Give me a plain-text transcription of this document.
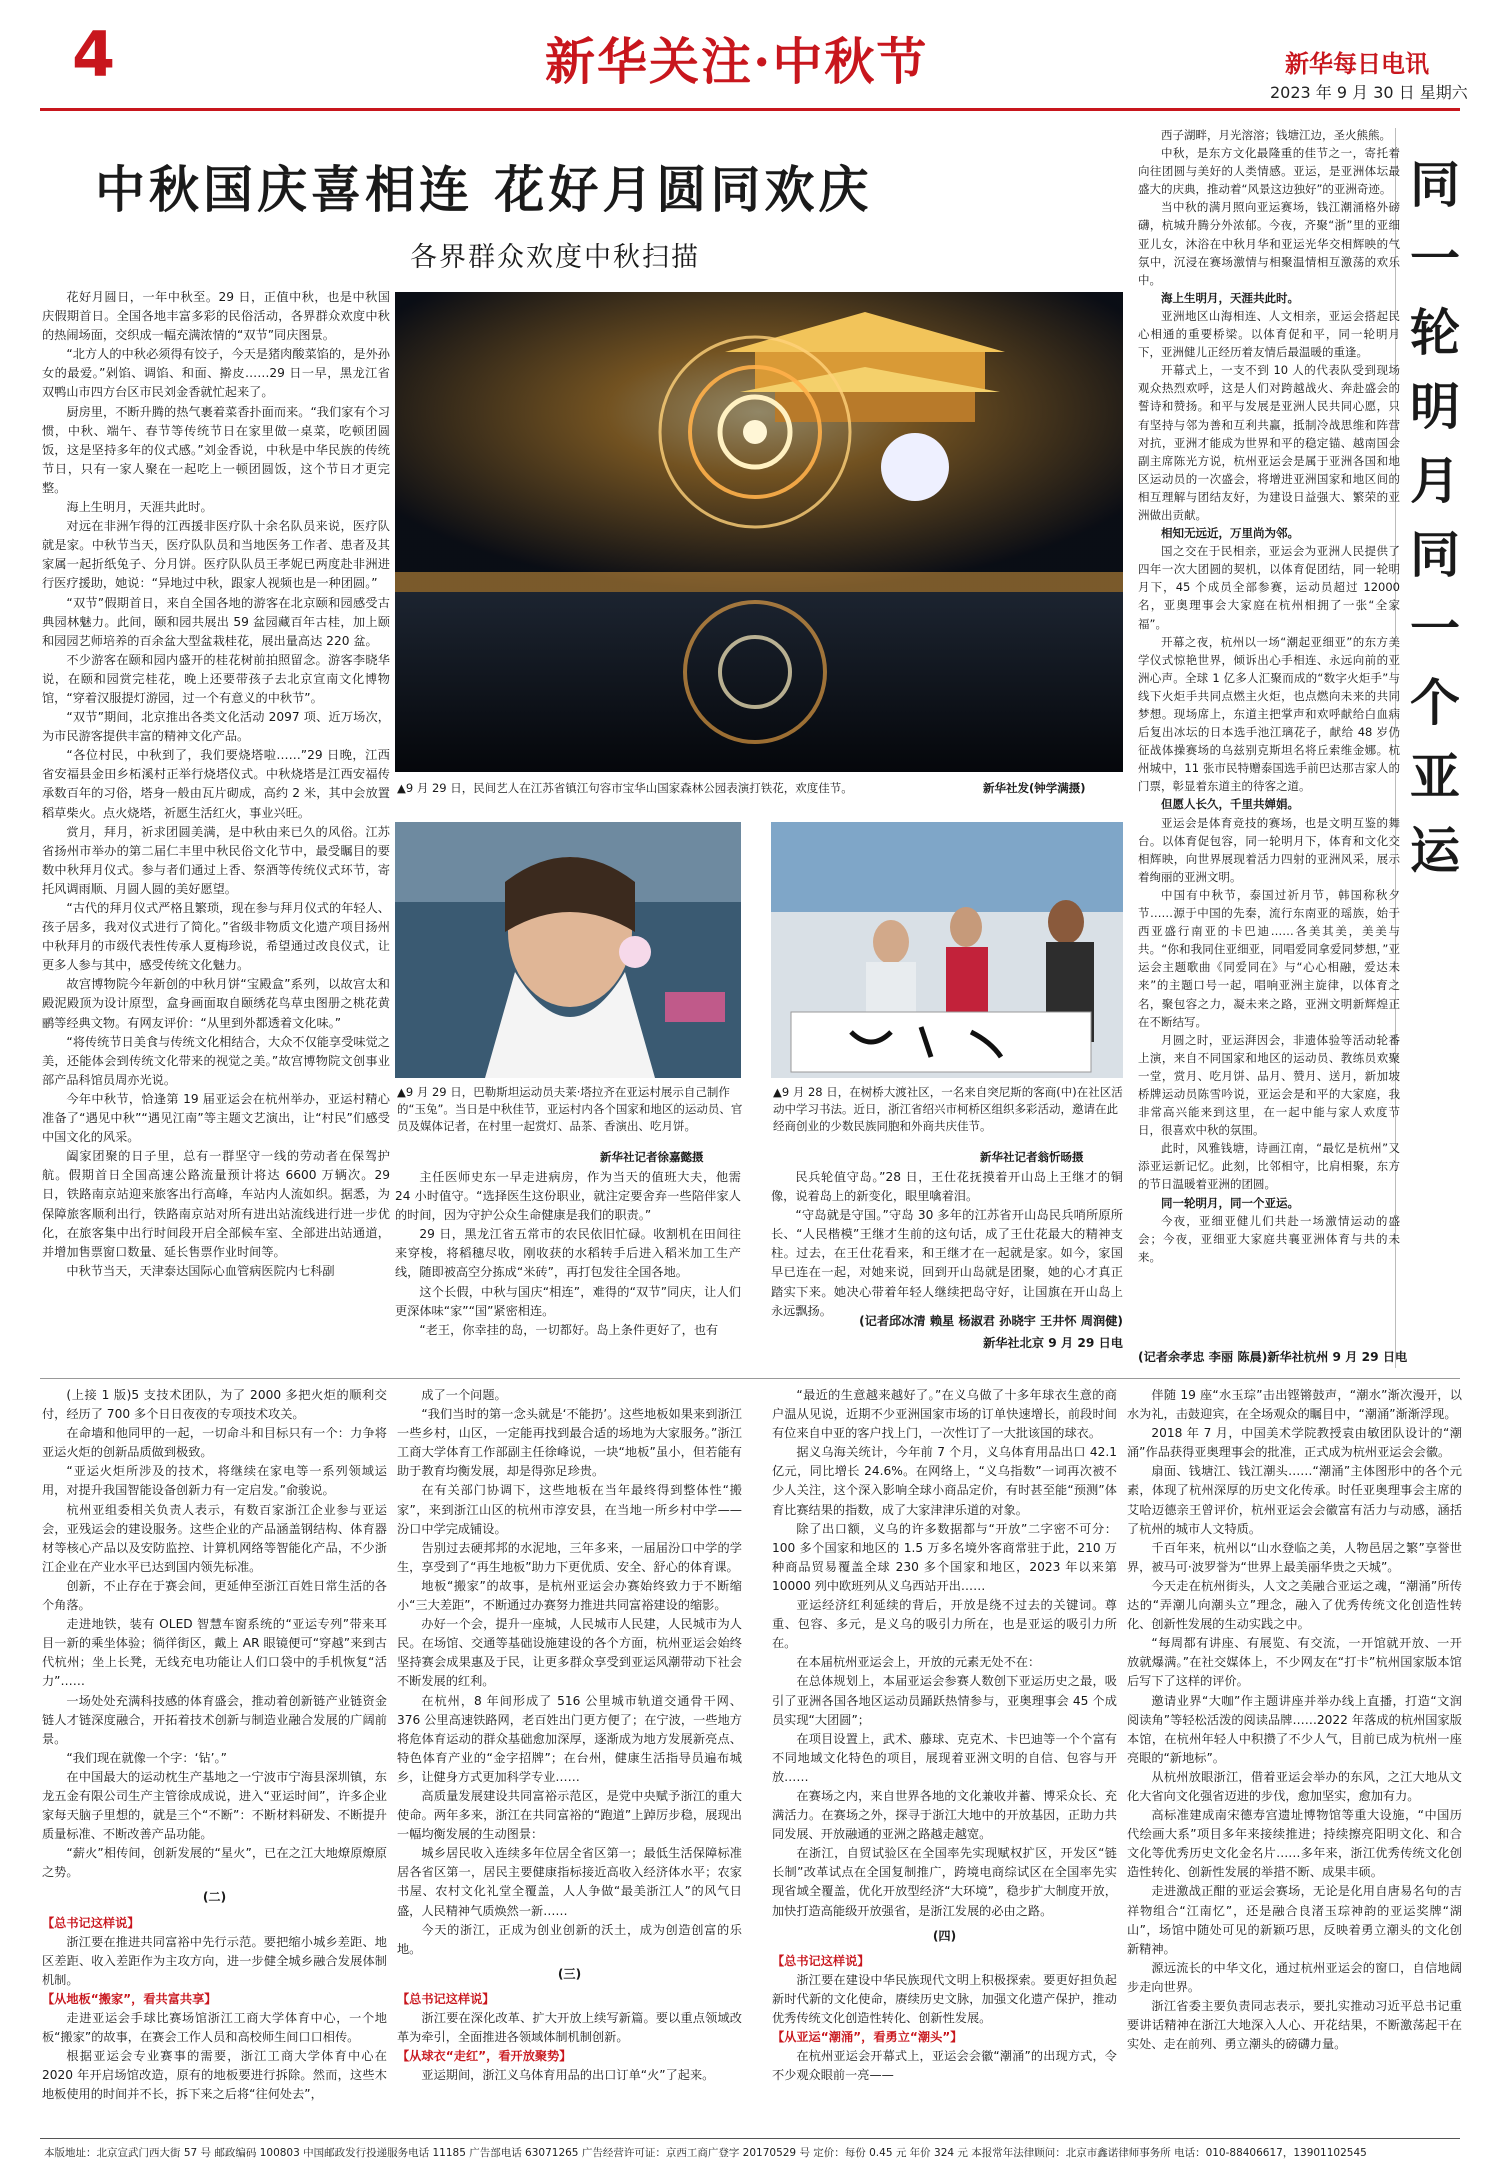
4	新华关注·中秋节	新华每日电讯
2023 年 9 月 30 日 星期六
中秋国庆喜相连 花好月圆同欢庆
各界群众欢度中秋扫描

花好月圆日，一年中秋至。29 日，正值中秋，也是中秋国庆假期首日。全国各地丰富多彩的民俗活动，各界群众欢度中秋的热闹场面，交织成一幅充满浓情的“双节”同庆图景。

“北方人的中秋必须得有饺子，今天是猪肉酸菜馅的，是外孙女的最爱。”剁馅、调馅、和面、擀皮……29 日一早，黑龙江省双鸭山市四方台区市民刘金香就忙起来了。

厨房里，不断升腾的热气裹着菜香扑面而来。“我们家有个习惯，中秋、端午、春节等传统节日在家里做一桌菜，吃顿团圆饭，这是坚持多年的仪式感。”刘金香说，中秋是中华民族的传统节日，只有一家人聚在一起吃上一顿团圆饭，这个节日才更完整。

海上生明月，天涯共此时。

对远在非洲乍得的江西援非医疗队十余名队员来说，医疗队就是家。中秋节当天，医疗队队员和当地医务工作者、患者及其家属一起折纸兔子、分月饼。医疗队队员王孝妮已两度赴非洲进行医疗援助，她说：“异地过中秋，跟家人视频也是一种团圆。”

“双节”假期首日，来自全国各地的游客在北京颐和园感受古典园林魅力。此间，颐和园共展出 59 盆园藏百年古桂，加上颐和园园艺师培养的百余盆大型盆栽桂花，展出量高达 220 盆。

不少游客在颐和园内盛开的桂花树前拍照留念。游客李晓华说，在颐和园赏完桂花，晚上还要带孩子去北京宣南文化博物馆，“穿着汉服提灯游园，过一个有意义的中秋节”。

“双节”期间，北京推出各类文化活动 2097 项、近万场次，为市民游客提供丰富的精神文化产品。

“各位村民，中秋到了，我们要烧塔啦……”29 日晚，江西省安福县金田乡柘溪村正举行烧塔仪式。中秋烧塔是江西安福传承数百年的习俗，塔身一般由瓦片砌成，高约 2 米，其中会放置稻草柴火。点火烧塔，祈愿生活红火，事业兴旺。

赏月，拜月，祈求团圆美满，是中秋由来已久的风俗。江苏省扬州市举办的第二届仁丰里中秋民俗文化节中，最受瞩目的要数中秋拜月仪式。参与者们通过上香、祭酒等传统仪式环节，寄托风调雨顺、月圆人圆的美好愿望。

“古代的拜月仪式严格且繁琐，现在参与拜月仪式的年轻人、孩子居多，我对仪式进行了简化。”省级非物质文化遗产项目扬州中秋拜月的市级代表性传承人夏梅珍说，希望通过改良仪式，让更多人参与其中，感受传统文化魅力。

故宫博物院今年新创的中秋月饼“宝殿盒”系列，以故宫太和殿泥殿顶为设计原型，盒身画面取自颐绣花鸟草虫图册之桃花黄鹂等经典文物。有网友评价：“从里到外都透着文化味。”

“将传统节日美食与传统文化相结合，大众不仅能享受味觉之美，还能体会到传统文化带来的视觉之美。”故宫博物院文创事业部产品科馆员周亦光说。

今年中秋节，恰逢第 19 届亚运会在杭州举办，亚运村精心准备了“遇见中秋”“遇见江南”等主题文艺演出，让“村民”们感受中国文化的风采。

阖家团聚的日子里，总有一群坚守一线的劳动者在保驾护航。假期首日全国高速公路流量预计将达 6600 万辆次。29 日，铁路南京站迎来旅客出行高峰，车站内人流如织。据悉，为保障旅客顺利出行，铁路南京站对所有进出站流线进行进一步优化，在旅客集中出行时间段开启全部候车室、全部进出站通道，并增加售票窗口数量、延长售票作业时间等。

中秋节当天，天津泰达国际心血管病医院内七科副

▲9 月 29 日，民间艺人在江苏省镇江句容市宝华山国家森林公园表演打铁花，欢度佳节。	新华社发(钟学满摄)
▲9 月 29 日，巴勒斯坦运动员夫莱·塔拉齐在亚运村展示自己制作的“玉兔”。当日是中秋佳节，亚运村内各个国家和地区的运动员、官员及媒体记者，在村里一起赏灯、品茶、香演出、吃月饼。
新华社记者徐嘉懿摄
▲9 月 28 日，在树桥大渡社区，一名来自突尼斯的客商(中)在社区活动中学习书法。近日，浙江省绍兴市柯桥区组织多彩活动，邀请在此经商创业的少数民族同胞和外商共庆佳节。
新华社记者翁忻旸摄

主任医师史东一早走进病房，作为当天的值班大夫，他需 24 小时值守。“选择医生这份职业，就注定要舍弃一些陪伴家人的时间，因为守护公众生命健康是我们的职责。”

29 日，黑龙江省五常市的农民依旧忙碌。收割机在田间往来穿梭，将稻穗尽收，刚收获的水稻转手后进入稻米加工生产线，随即被高空分拣成“米砖”，再打包发往全国各地。

这个长假，中秋与国庆“相连”，难得的“双节”同庆，让人们更深体味“家”“国”紧密相连。

“老王，你幸挂的岛，一切都好。岛上条件更好了，也有

民兵轮值守岛。”28 日，王仕花抚摸着开山岛上王继才的铜像，说着岛上的新变化，眼里噙着泪。

“守岛就是守国。”守岛 30 多年的江苏省开山岛民兵哨所原所长、“人民楷模”王继才生前的这句话，成了王仕花最大的精神支柱。过去，在王仕花看来，和王继才在一起就是家。如今，家国早已连在一起，对她来说，回到开山岛就是团聚，她的心才真正踏实下来。她决心带着年轻人继续把岛守好，让国旗在开山岛上永远飘扬。

(记者邱冰清 赖星 杨淑君 孙晓宇 王井怀 周润健)
新华社北京 9 月 29 日电
同
一
轮
明
月
同
一
个
亚
运

西子湖畔，月光溶溶；钱塘江边，圣火熊熊。

中秋，是东方文化最隆重的佳节之一，寄托着向往团圆与美好的人类情感。亚运，是亚洲体坛最盛大的庆典，推动着“风景这边独好”的亚洲奇迹。

当中秋的满月照向亚运赛场，钱江潮涌格外磅礴，杭城升腾分外浓郁。今夜，齐聚“浙”里的亚细亚儿女，沐浴在中秋月华和亚运光华交相辉映的气氛中，沉浸在赛场激情与相聚温情相互激荡的欢乐中。

海上生明月，天涯共此时。

亚洲地区山海相连、人文相亲，亚运会搭起民心相通的重要桥梁。以体育促和平，同一轮明月下，亚洲健儿正经历着友情后最温暖的重逢。

开幕式上，一支不到 10 人的代表队受到现场观众热烈欢呼，这是人们对跨越战火、奔赴盛会的誓诗和赞扬。和平与发展是亚洲人民共同心愿，只有坚持与邻为善和互利共赢，抵制冷战思维和阵营对抗，亚洲才能成为世界和平的稳定锚、越南国会副主席陈光方说，杭州亚运会是属于亚洲各国和地区运动员的一次盛会，将增进亚洲国家和地区间的相互理解与团结友好，为建设日益强大、繁荣的亚洲做出贡献。

相知无远近，万里尚为邻。

国之交在于民相亲，亚运会为亚洲人民提供了四年一次大团圆的契机，以体育促团结，同一轮明月下，45 个成员全部参赛，运动员超过 12000 名，亚奥理事会大家庭在杭州相拥了一张“全家福”。

开幕之夜，杭州以一场“潮起亚细亚”的东方美学仪式惊艳世界，倾诉出心手相连、永远向前的亚洲心声。全球 1 亿多人汇聚而成的“数字火炬手”与线下火炬手共同点燃主火炬，也点燃向未来的共同梦想。现场席上，东道主把掌声和欢呼献给白血病后复出冰坛的日本选手池江璃花子，献给 48 岁仍征战体操赛场的乌兹别克斯坦名将丘索维金娜。杭州城中，11 张市民特赠泰国选手前巴达那吉家人的门票，彰显着东道主的待客之道。

但愿人长久，千里共婵娟。

亚运会是体育竞技的赛场，也是文明互鉴的舞台。以体育促包容，同一轮明月下，体育和文化交相辉映，向世界展现着活力四射的亚洲风采，展示着绚丽的亚洲文明。

中国有中秋节，泰国过祈月节，韩国称秋夕节……源于中国的先秦，流行东南亚的瑶族，始于西亚盛行南亚的卡巴迪……各美其美，美美与共。“你和我同住亚细亚，同唱爱同拿爱同梦想，”亚运会主题歌曲《同爱同在》与“心心相融，爱达未来”的主题口号一起，唱响亚洲主旋律，以体育之名，聚包容之力，凝未来之路，亚洲文明新辉煌正在不断结写。

月圆之时，亚运湃因会，非遗体验等活动轮番上演，来自不同国家和地区的运动员、教练员欢聚一堂，赏月、吃月饼、品月、赞月、送月，新加坡桥牌运动员陈雪吟说，亚运会是和平的大家庭，我非常高兴能来到这里，在一起中能与家人欢度节日，很喜欢中秋的氛围。

此时，风雅钱塘，诗画江南，“最忆是杭州”又添亚运新记忆。此刻，比邻相守，比肩相聚，东方的节日温暖着亚洲的团圆。

同一轮明月，同一个亚运。

今夜，亚细亚健儿们共赴一场激情运动的盛会；今夜，亚细亚大家庭共襄亚洲体育与共的未来。

(记者余孝忠 李丽 陈晨)新华社杭州 9 月 29 日电

(上接 1 版)5 支技术团队，为了 2000 多把火炬的顺利交付，经历了 700 多个日日夜夜的专项技术攻关。

在命墙和他同甲的一起，一切命斗和目标只有一个：力争将亚运火炬的创新品质做到极致。

“亚运火炬所涉及的技术，将继续在家电等一系列领域运用，对提升我国智能设备创新力有一定启发。”俞骏说。

杭州亚组委相关负责人表示，有数百家浙江企业参与亚运会，亚残运会的建设服务。这些企业的产品涵盖钢结构、体育器材等核心产品以及安防监控、计算机网络等智能化产品，不少浙江企业在产业水平已达到国内领先标准。

创新，不止存在于赛会间，更延伸至浙江百姓日常生活的各个角落。

走进地铁，装有 OLED 智慧车窗系统的“亚运专列”带来耳目一新的乘坐体验；徜徉街区，戴上 AR 眼镜便可“穿越”来到古代杭州；坐上长凳，无线充电功能让人们口袋中的手机恢复“活力”……

一场处处充满科技感的体育盛会，推动着创新链产业链资金链人才链深度融合，开拓着技术创新与制造业融合发展的广阔前景。

“我们现在就像一个字：‘钻’。”

在中国最大的运动枕生产基地之一宁波市宁海县深圳镇，东龙五金有限公司生产主管徐成成说，进入“亚运时间”，许多企业家每天脑子里想的，就是三个“不断”：不断材料研发、不断提升质量标准、不断改善产品功能。

“薪火”相传间，创新发展的“星火”，已在之江大地燎原燎原之势。

(二)

【总书记这样说】

浙江要在推进共同富裕中先行示范。要把缩小城乡差距、地区差距、收入差距作为主攻方向，进一步健全城乡融合发展体制机制。

【从地板“搬家”，看共富共享】

走进亚运会手球比赛场馆浙江工商大学体育中心，一个地板“搬家”的故事，在赛会工作人员和高校师生间口口相传。

根据亚运会专业赛事的需要，浙江工商大学体育中心在 2020 年开启场馆改造，原有的地板要进行拆除。然而，这些木地板使用的时间并不长，拆下来之后将“往何处去”，

成了一个问题。

“我们当时的第一念头就是‘不能扔’。这些地板如果来到浙江一些乡村，山区，一定能再找到最合适的场地为大家服务。”浙江工商大学体育工作部副主任徐峰说，一块“地板”虽小，但若能有助于教育均衡发展，却是得弥足珍贵。

在有关部门协调下，这些地板在当年最终得到整体性“搬家”，来到浙江山区的杭州市淳安县，在当地一所乡村中学——汾口中学完成铺设。

告别过去硬邦邦的水泥地，三年多来，一届届汾口中学的学生，享受到了“再生地板”助力下更优质、安全、舒心的体育课。

地板“搬家”的故事，是杭州亚运会办赛始终致力于不断缩小“三大差距”，不断通过办赛努力推进共同富裕建设的缩影。

办好一个会，提升一座城，人民城市人民建，人民城市为人民。在场馆、交通等基础设施建设的各个方面，杭州亚运会始终坚持赛会成果惠及于民，让更多群众享受到亚运风潮带动下社会不断发展的红利。

在杭州，8 年间形成了 516 公里城市轨道交通骨干网、376 公里高速铁路网，老百姓出门更方便了；在宁波，一些地方将危体育运动的群众基础愈加深厚，逐渐成为地方发展新亮点、特色体育产业的“金字招牌”；在台州，健康生活指导员遍布城乡，让健身方式更加科学专业……

高质量发展建设共同富裕示范区，是党中央赋予浙江的重大使命。两年多来，浙江在共同富裕的“跑道”上踔厉步稳，展现出一幅均衡发展的生动图景：

城乡居民收入连续多年位居全省区第一；最低生活保障标准居各省区第一，居民主要健康指标接近高收入经济体水平；农家书屋、农村文化礼堂全覆盖，人人争做“最美浙江人”的风气日盛，人民精神气质焕然一新……

今天的浙江，正成为创业创新的沃土，成为创造创富的乐地。

(三)

【总书记这样说】

浙江要在深化改革、扩大开放上续写新篇。要以重点领域改革为牵引，全面推进各领域体制机制创新。

【从球衣“走红”，看开放聚势】

亚运期间，浙江义乌体育用品的出口订单“火”了起来。

“最近的生意越来越好了。”在义乌做了十多年球衣生意的商户温从见说，近期不少亚洲国家市场的订单快速增长，前段时间有位来自中亚的客户找上门，一次性订了一大批该国的球衣。

据义乌海关统计，今年前 7 个月，义乌体育用品出口 42.1 亿元，同比增长 24.6%。在网络上，“义乌指数”一词再次被不少人关注，这个深入影响全球小商品定价，有时甚至能“预测”体育比赛结果的指数，成了大家津津乐道的对象。

除了出口额，义乌的许多数据都与“开放”二字密不可分：100 多个国家和地区的 1.5 万多名境外客商常驻于此，210 万种商品贸易覆盖全球 230 多个国家和地区，2023 年以来第 10000 列中欧班列从义乌西站开出……

亚运经济红利延续的背后，开放是绕不过去的关键词。尊重、包容、多元，是义乌的吸引力所在，也是亚运的吸引力所在。

在本届杭州亚运会上，开放的元素无处不在：

在总体规划上，本届亚运会参赛人数创下亚运历史之最，吸引了亚洲各国各地区运动员踊跃热情参与，亚奥理事会 45 个成员实现“大团圆”；

在项目设置上，武术、藤球、克克术、卡巴迪等一个个富有不同地域文化特色的项目，展现着亚洲文明的自信、包容与开放……

在赛场之内，来自世界各地的文化兼收并蓄、博采众长、充满活力。在赛场之外，探寻于浙江大地中的开放基因，正助力共同发展、开放融通的亚洲之路越走越宽。

在浙江，自贸试验区在全国率先实现赋权扩区，开发区“链长制”改革试点在全国复制推广，跨境电商综试区在全国率先实现省域全覆盖，优化开放型经济“大环境”，稳步扩大制度开放，加快打造高能级开放强省，是浙江发展的必由之路。

(四)

【总书记这样说】

浙江要在建设中华民族现代文明上积极探索。要更好担负起新时代新的文化使命，赓续历史文脉，加强文化遗产保护，推动优秀传统文化创造性转化、创新性发展。

【从亚运“潮涌”，看勇立“潮头”】

在杭州亚运会开幕式上，亚运会会徽“潮涌”的出现方式，令不少观众眼前一亮——

伴随 19 座“水玉琮”击出铿锵鼓声，“潮水”渐次漫开，以水为礼，击鼓迎宾，在全场观众的瞩目中，“潮涌”渐渐浮现。

2018 年 7 月，中国美术学院教授袁由敏团队设计的“潮涌”作品获得亚奥理事会的批准，正式成为杭州亚运会会徽。

扇面、钱塘江、钱江潮头……“潮涌”主体图形中的各个元素，体现了杭州深厚的历史文化传承。时任亚奥理事会主席的艾哈迈德亲王曾评价，杭州亚运会会徽富有活力与动感，涵括了杭州的城市人文特质。

千百年来，杭州以“山水登临之美，人物邑居之繁”享誉世界，被马可·波罗誉为“世界上最美丽华贵之天城”。

今天走在杭州街头，人文之美融合亚运之魂，“潮涌”所传达的“弄潮儿向潮头立”理念，融入了优秀传统文化创造性转化、创新性发展的生动实践之中。

“每周都有讲座、有展览、有交流，一开馆就开放、一开放就爆满。”在社交媒体上，不少网友在“打卡”杭州国家版本馆后写下了这样的评价。

邀请业界“大咖”作主题讲座并举办线上直播，打造“文润阅读角”等轻松活泼的阅读品牌……2022 年落成的杭州国家版本馆，在杭州年轻人中积攒了不少人气，目前已成为杭州一座亮眼的“新地标”。

从杭州放眼浙江，借着亚运会举办的东风，之江大地从文化大省向文化强省迈进的步伐，愈加坚实，愈加有力。

高标准建成南宋德寿宫遗址博物馆等重大设施，“中国历代绘画大系”项目多年来接续推进；持续擦亮阳明文化、和合文化等优秀历史文化金名片……多年来，浙江优秀传统文化创造性转化、创新性发展的举措不断、成果丰硕。

走进激战正酣的亚运会赛场，无论是化用自唐易名句的吉祥物组合“江南忆”，还是融合良渚玉琮神韵的亚运奖牌“湖山”，场馆中随处可见的新颖巧思，反映着勇立潮头的文化创新精神。

源远流长的中华文化，通过杭州亚运会的窗口，自信地阔步走向世界。

浙江省委主要负责同志表示，要扎实推动习近平总书记重要讲话精神在浙江大地深入人心、开花结果，不断激荡起干在实处、走在前列、勇立潮头的磅礴力量。

本版地址：北京宣武门西大街 57 号 邮政编码 100803 中国邮政发行投递服务电话 11185 广告部电话 63071265 广告经营许可证：京西工商广登字 20170529 号 定价：每份 0.45 元 年价 324 元 本报常年法律顾问：北京市鑫诺律师事务所 电话：010-88406617，13901102545
